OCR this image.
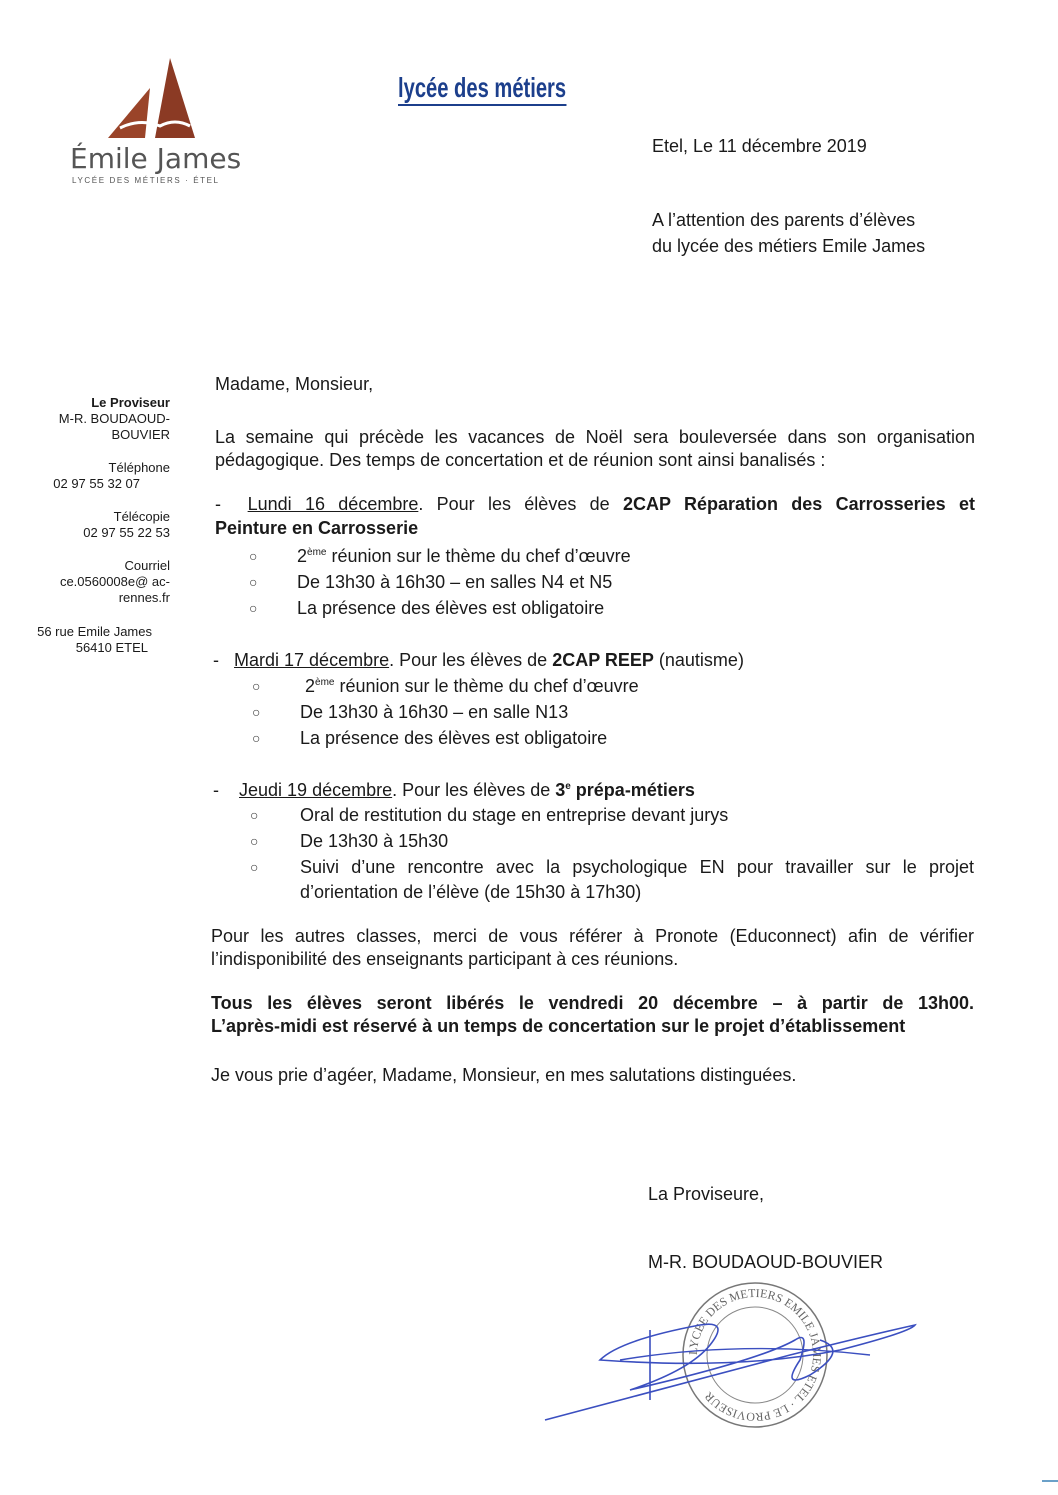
Émile James
LYCÉE DES MÉTIERS · ÉTEL
lycée des métiers
Etel, Le 11 décembre 2019
A l’attention des parents d’élèves
du lycée des métiers Emile James
Le Proviseur
M-R. BOUDAOUD-
BOUVIER
Téléphone
02 97 55 32 07
Télécopie
02 97 55 22 53
Courriel
ce.0560008e@ ac-
rennes.fr
56 rue Emile James
56410 ETEL
Madame, Monsieur,
La semaine qui précède les vacances de Noël sera bouleversée dans son organisation
pédagogique. Des temps de concertation et de réunion sont ainsi banalisés :
- Lundi 16 décembre. Pour les élèves de 2CAP Réparation des Carrosseries et
Peinture en Carrosserie
○ 2ème réunion sur le thème du chef d’œuvre
○ De 13h30 à 16h30 – en salles N4 et N5
○ La présence des élèves est obligatoire
- Mardi 17 décembre. Pour les élèves de 2CAP REEP (nautisme)
○ 2ème réunion sur le thème du chef d’œuvre
○ De 13h30 à 16h30 – en salle N13
○ La présence des élèves est obligatoire
- Jeudi 19 décembre. Pour les élèves de 3e prépa-métiers
○ Oral de restitution du stage en entreprise devant jurys
○ De 13h30 à 15h30
○ Suivi d’une rencontre avec la psychologique EN pour travailler sur le projet
d’orientation de l’élève (de 15h30 à 17h30)
Pour les autres classes, merci de vous référer à Pronote (Educonnect) afin de vérifier
l’indisponibilité des enseignants participant à ces réunions.
Tous les élèves seront libérés le vendredi 20 décembre – à partir de 13h00.
L’après-midi est réservé à un temps de concertation sur le projet d’établissement
Je vous prie d’agéer, Madame, Monsieur, en mes salutations distinguées.
La Proviseure,
M-R. BOUDAOUD-BOUVIER
LYCEE DES METIERS EMILE JAMES ETEL · LE PROVISEUR
